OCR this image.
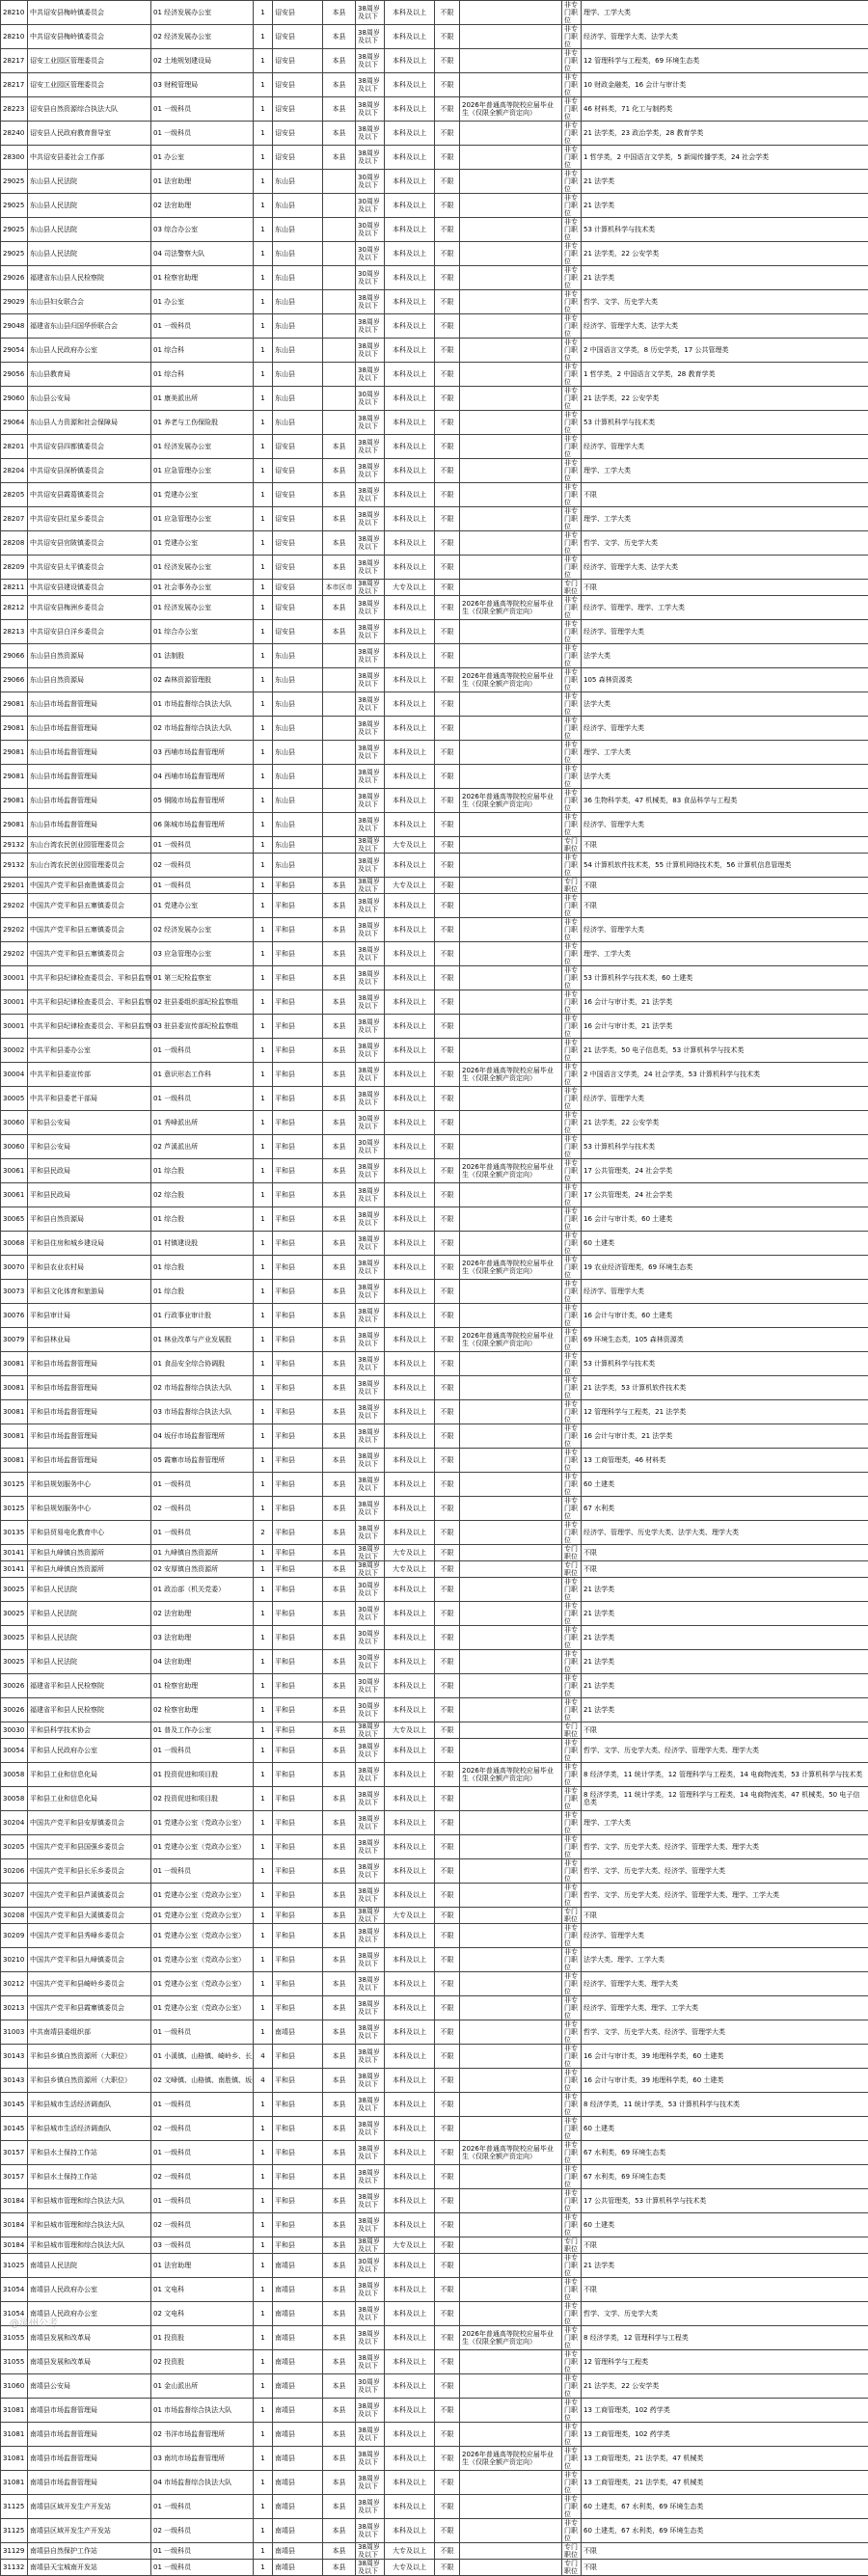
28210	中共诏安县梅岭镇委员会	01 经济发展办公室	1	诏安县	本县	38周岁及以下	本科及以上	不限		非专门职位	理学、工学大类
28210	中共诏安县梅岭镇委员会	02 经济发展办公室	1	诏安县	本县	38周岁及以下	本科及以上	不限		非专门职位	经济学、管理学大类、法学大类
28217	诏安工业园区管理委员会	02 土地规划建设局	1	诏安县	本县	38周岁及以下	本科及以上	不限		非专门职位	12 管理科学与工程类，69 环境生态类
28217	诏安工业园区管理委员会	03 财税管理局	1	诏安县	本县	38周岁及以下	本科及以上	不限		非专门职位	10 财政金融类，16 会计与审计类
28223	诏安县自然资源综合执法大队	01 一级科员	1	诏安县	本县	38周岁及以下	本科及以上	不限	2026年普通高等院校应届毕业生（仅限全额产资定向）	非专门职位	46 材料类，71 化工与制药类
28240	诏安县人民政府教育督导室	01 一级科员	1	诏安县	本县	38周岁及以下	本科及以上	不限		非专门职位	21 法学类，23 政治学类，28 教育学类
28300	中共诏安县委社会工作部	01 办公室	1	诏安县	本县	38周岁及以下	本科及以上	不限		非专门职位	1 哲学类，2 中国语言文学类，5 新闻传播学类，24 社会学类
29025	东山县人民法院	01 法官助理	1	东山县		30周岁及以下	本科及以上	不限		非专门职位	21 法学类
29025	东山县人民法院	02 法官助理	1	东山县		30周岁及以下	本科及以上	不限		非专门职位	21 法学类
29025	东山县人民法院	03 综合办公室	1	东山县		30周岁及以下	本科及以上	不限		非专门职位	53 计算机科学与技术类
29025	东山县人民法院	04 司法警察大队	1	东山县		30周岁及以下	本科及以上	不限		非专门职位	21 法学类，22 公安学类
29026	福建省东山县人民检察院	01 检察官助理	1	东山县		30周岁及以下	本科及以上	不限		非专门职位	21 法学类
29029	东山县妇女联合会	01 办公室	1	东山县		38周岁及以下	本科及以上	不限		非专门职位	哲学、文学、历史学大类
29048	福建省东山县归国华侨联合会	01 一级科员	1	东山县		38周岁及以下	本科及以上	不限		非专门职位	经济学、管理学大类、法学大类
29054	东山县人民政府办公室	01 综合科	1	东山县		38周岁及以下	本科及以上	不限		非专门职位	2 中国语言文学类，8 历史学类，17 公共管理类
29056	东山县教育局	01 综合科	1	东山县		38周岁及以下	本科及以上	不限		非专门职位	1 哲学类，2 中国语言文学类，28 教育学类
29060	东山县公安局	01 康美派出所	1	东山县		30周岁及以下	本科及以上	不限		非专门职位	21 法学类，22 公安学类
29064	东山县人力资源和社会保障局	01 养老与工伤保险股	1	东山县		38周岁及以下	本科及以上	不限		非专门职位	53 计算机科学与技术类
28201	中共诏安县四都镇委员会	01 经济发展办公室	1	诏安县	本县	38周岁及以下	本科及以上	不限		非专门职位	经济学、管理学大类
28204	中共诏安县深桥镇委员会	01 应急管理办公室	1	诏安县	本县	38周岁及以下	本科及以上	不限		非专门职位	理学、工学大类
28205	中共诏安县霞葛镇委员会	01 党建办公室	1	诏安县	本县	38周岁及以下	本科及以上	不限		非专门职位	不限
28207	中共诏安县红星乡委员会	01 应急管理办公室	1	诏安县	本县	38周岁及以下	本科及以上	不限		非专门职位	理学、工学大类
28208	中共诏安县官陂镇委员会	01 党建办公室	1	诏安县	本县	38周岁及以下	本科及以上	不限		非专门职位	哲学、文学、历史学大类
28209	中共诏安县太平镇委员会	01 经济发展办公室	1	诏安县	本县	38周岁及以下	本科及以上	不限		非专门职位	经济学、管理学大类、法学大类
28211	中共诏安县建设镇委员会	01 社会事务办公室	1	诏安县	本市区市	38周岁及以下	大专及以上	不限		专门职位	不限
28212	中共诏安县梅洲乡委员会	01 经济发展办公室	1	诏安县	本县	38周岁及以下	本科及以上	不限	2026年普通高等院校应届毕业生（仅限全额产资定向）	非专门职位	经济学、管理学、理学、工学大类
28213	中共诏安县白洋乡委员会	01 综合办公室	1	诏安县	本县	38周岁及以下	本科及以上	不限		非专门职位	经济学、管理学大类
29066	东山县自然资源局	01 法制股	1	东山县		38周岁及以下	本科及以上	不限		非专门职位	法学大类
29066	东山县自然资源局	02 森林资源管理股	1	东山县		38周岁及以下	本科及以上	不限	2026年普通高等院校应届毕业生（仅限全额产资定向）	非专门职位	105 森林资源类
29081	东山县市场监督管理局	01 市场监督综合执法大队	1	东山县		38周岁及以下	本科及以上	不限		非专门职位	法学大类
29081	东山县市场监督管理局	02 市场监督综合执法大队	1	东山县		38周岁及以下	本科及以上	不限		非专门职位	经济学、管理学大类
29081	东山县市场监督管理局	03 西埔市场监督管理所	1	东山县		38周岁及以下	本科及以上	不限		非专门职位	理学、工学大类
29081	东山县市场监督管理局	04 西埔市场监督管理所	1	东山县		38周岁及以下	本科及以上	不限		非专门职位	法学大类
29081	东山县市场监督管理局	05 铜陵市场监督管理所	1	东山县		38周岁及以下	本科及以上	不限	2026年普通高等院校应届毕业生（仅限全额产资定向）	非专门职位	36 生物科学类，47 机械类，83 食品科学与工程类
29081	东山县市场监督管理局	06 陈城市场监督管理所	1	东山县		38周岁及以下	本科及以上	不限		非专门职位	经济学、管理学大类
29132	东山台湾农民创业园管理委员会	01 一级科员	1	东山县		38周岁及以下	大专及以上	不限		专门职位	不限
29132	东山台湾农民创业园管理委员会	02 一级科员	1	东山县		38周岁及以下	本科及以上	不限		非专门职位	54 计算机软件技术类，55 计算机网络技术类，56 计算机信息管理类
29201	中国共产党平和县南胜镇委员会	01 一级科员	1	平和县	本县	38周岁及以下	大专及以上	不限		专门职位	不限
29202	中国共产党平和县五寨镇委员会	01 党建办公室	1	平和县	本县	38周岁及以下	本科及以上	不限		非专门职位	不限
29202	中国共产党平和县五寨镇委员会	02 经济发展办公室	1	平和县	本县	38周岁及以下	本科及以上	不限		非专门职位	经济学、管理学大类
29202	中国共产党平和县五寨镇委员会	03 应急管理办公室	1	平和县	本县	38周岁及以下	本科及以上	不限		非专门职位	理学、工学大类
30001	中共平和县纪律检查委员会、平和县监察	01 第三纪检监察室	1	平和县	本县	38周岁及以下	本科及以上	不限		非专门职位	53 计算机科学与技术类，60 土建类
30001	中共平和县纪律检查委员会、平和县监察	02 驻县委组织部纪检监察组	1	平和县	本县	38周岁及以下	本科及以上	不限		非专门职位	16 会计与审计类，21 法学类
30001	中共平和县纪律检查委员会、平和县监察	03 驻县委宣传部纪检监察组	1	平和县	本县	38周岁及以下	本科及以上	不限		非专门职位	16 会计与审计类，21 法学类
30002	中共平和县委办公室	01 一级科员	1	平和县	本县	38周岁及以下	本科及以上	不限		非专门职位	21 法学类，50 电子信息类，53 计算机科学与技术类
30004	中共平和县委宣传部	01 意识形态工作科	1	平和县	本县	38周岁及以下	本科及以上	不限	2026年普通高等院校应届毕业生（仅限全额产资定向）	非专门职位	2 中国语言文学类，24 社会学类，53 计算机科学与技术类
30005	中共平和县委老干部局	01 一级科员	1	平和县	本县	38周岁及以下	本科及以上	不限		非专门职位	经济学、管理学大类
30060	平和县公安局	01 秀峰派出所	1	平和县	本县	30周岁及以下	本科及以上	不限		非专门职位	21 法学类，22 公安学类
30060	平和县公安局	02 芦溪派出所	1	平和县	本县	30周岁及以下	本科及以上	不限		非专门职位	53 计算机科学与技术类
30061	平和县民政局	01 综合股	1	平和县	本县	38周岁及以下	本科及以上	不限	2026年普通高等院校应届毕业生（仅限全额产资定向）	非专门职位	17 公共管理类，24 社会学类
30061	平和县民政局	02 综合股	1	平和县	本县	38周岁及以下	本科及以上	不限		非专门职位	17 公共管理类，24 社会学类
30065	平和县自然资源局	01 综合股	1	平和县	本县	38周岁及以下	本科及以上	不限		非专门职位	16 会计与审计类，60 土建类
30068	平和县住房和城乡建设局	01 村镇建设股	1	平和县	本县	38周岁及以下	本科及以上	不限		非专门职位	60 土建类
30070	平和县农业农村局	01 综合股	1	平和县	本县	38周岁及以下	本科及以上	不限	2026年普通高等院校应届毕业生（仅限全额产资定向）	非专门职位	19 农业经济管理类，69 环境生态类
30073	平和县文化体育和旅游局	01 综合股	1	平和县	本县	38周岁及以下	本科及以上	不限		非专门职位	经济学、管理学大类
30076	平和县审计局	01 行政事业审计股	1	平和县	本县	38周岁及以下	本科及以上	不限		非专门职位	16 会计与审计类，60 土建类
30079	平和县林业局	01 林业改革与产业发展股	1	平和县	本县	38周岁及以下	本科及以上	不限	2026年普通高等院校应届毕业生（仅限全额产资定向）	非专门职位	69 环境生态类，105 森林资源类
30081	平和县市场监督管理局	01 食品安全综合协调股	1	平和县	本县	38周岁及以下	本科及以上	不限		非专门职位	53 计算机科学与技术类
30081	平和县市场监督管理局	02 市场监督综合执法大队	1	平和县	本县	38周岁及以下	本科及以上	不限		非专门职位	21 法学类，53 计算机软件技术类
30081	平和县市场监督管理局	03 市场监督综合执法大队	1	平和县	本县	38周岁及以下	本科及以上	不限		非专门职位	12 管理科学与工程类，21 法学类
30081	平和县市场监督管理局	04 坂仔市场监督管理所	1	平和县	本县	38周岁及以下	本科及以上	不限		非专门职位	16 会计与审计类，21 法学类
30081	平和县市场监督管理局	05 霞寨市场监督管理所	1	平和县	本县	38周岁及以下	本科及以上	不限		非专门职位	13 工商管理类，46 材料类
30125	平和县规划服务中心	01 一级科员	1	平和县	本县	38周岁及以下	本科及以上	不限		非专门职位	60 土建类
30125	平和县规划服务中心	02 一级科员	1	平和县	本县	38周岁及以下	本科及以上	不限		非专门职位	67 水利类
30135	平和县贸易电化教育中心	01 一级科员	2	平和县	本县	38周岁及以下	本科及以上	不限		非专门职位	经济学、管理学、历史学大类、法学大类、理学大类
30141	平和县九峰镇自然资源所	01 九峰镇自然资源所	1	平和县	本县	38周岁及以下	大专及以上	不限		专门职位	不限
30141	平和县九峰镇自然资源所	02 安厚镇自然资源所	1	平和县	本县	38周岁及以下	大专及以上	不限		专门职位	不限
30025	平和县人民法院	01 政治部（机关党委）	1	平和县	本县	30周岁及以下	本科及以上	不限		非专门职位	21 法学类
30025	平和县人民法院	02 法官助理	1	平和县	本县	30周岁及以下	本科及以上	不限		非专门职位	21 法学类
30025	平和县人民法院	03 法官助理	1	平和县	本县	30周岁及以下	本科及以上	不限		非专门职位	21 法学类
30025	平和县人民法院	04 法官助理	1	平和县	本县	30周岁及以下	本科及以上	不限		非专门职位	21 法学类
30026	福建省平和县人民检察院	01 检察官助理	1	平和县	本县	30周岁及以下	本科及以上	不限		非专门职位	21 法学类
30026	福建省平和县人民检察院	02 检察官助理	1	平和县	本县	30周岁及以下	本科及以上	不限		非专门职位	21 法学类
30030	平和县科学技术协会	01 普及工作办公室	1	平和县	本县	38周岁及以下	大专及以上	不限		专门职位	不限
30054	平和县人民政府办公室	01 一级科员	1	平和县	本县	38周岁及以下	本科及以上	不限		非专门职位	哲学、文学、历史学大类、经济学、管理学大类、理学大类
30058	平和县工业和信息化局	01 投资促进和项目股	1	平和县	本县	38周岁及以下	本科及以上	不限	2026年普通高等院校应届毕业生（仅限全额产资定向）	非专门职位	8 经济学类，11 统计学类，12 管理科学与工程类，14 电商物流类，53 计算机科学与技术类
30058	平和县工业和信息化局	02 投资促进和项目股	1	平和县	本县	38周岁及以下	本科及以上	不限		非专门职位	8 经济学类，11 统计学类，12 管理科学与工程类，14 电商物流类，47 机械类，50 电子信息类
30204	中国共产党平和县安厚镇委员会	01 党建办公室（党政办公室）	1	平和县	本县	38周岁及以下	本科及以上	不限		非专门职位	理学、工学大类
30205	中国共产党平和县国强乡委员会	01 党建办公室（党政办公室）	1	平和县	本县	38周岁及以下	本科及以上	不限		非专门职位	哲学、文学、历史学大类、经济学、管理学大类、理学大类
30206	中国共产党平和县长乐乡委员会	01 一级科员	1	平和县	本县	38周岁及以下	本科及以上	不限		非专门职位	哲学、文学、历史学大类、经济学、管理学大类
30207	中国共产党平和县芦溪镇委员会	01 党建办公室（党政办公室）	1	平和县	本县	38周岁及以下	本科及以上	不限		非专门职位	哲学、文学、历史学大类、经济学、管理学大类、理学、工学大类
30208	中国共产党平和县大溪镇委员会	01 党建办公室（党政办公室）	1	平和县	本县	38周岁及以下	大专及以上	不限		专门职位	不限
30209	中国共产党平和县秀峰乡委员会	01 党建办公室（党政办公室）	1	平和县	本县	38周岁及以下	本科及以上	不限		非专门职位	经济学、管理学大类
30210	中国共产党平和县九峰镇委员会	01 党建办公室（党政办公室）	1	平和县	本县	38周岁及以下	本科及以上	不限		非专门职位	法学大类、理学、工学大类
30212	中国共产党平和县崎岭乡委员会	01 党建办公室（党政办公室）	1	平和县	本县	38周岁及以下	本科及以上	不限		非专门职位	经济学、管理学大类、理学大类
30213	中国共产党平和县霞寨镇委员会	01 党建办公室（党政办公室）	1	平和县	本县	38周岁及以下	本科及以上	不限		非专门职位	经济学、管理学大类、理学、工学大类
31003	中共南靖县委组织部	01 一级科员	1	南靖县	本县	38周岁及以下	本科及以上	不限		非专门职位	哲学、文学、历史学大类、经济学、管理学大类
30143	平和县乡镇自然资源所（大职位）	01 小溪镇、山格镇、崎岭乡、长	4	平和县	本县	38周岁及以下	本科及以上	不限		非专门职位	16 会计与审计类，39 地理科学类，60 土建类
30143	平和县乡镇自然资源所（大职位）	02 文峰镇、山格镇、南胜镇、坂	4	平和县	本县	38周岁及以下	本科及以上	不限		非专门职位	16 会计与审计类，39 地理科学类，60 土建类
30145	平和县城市生活经济调查队	01 一级科员	1	平和县	本县	38周岁及以下	本科及以上	不限		非专门职位	8 经济学类，11 统计学类，53 计算机科学与技术类
30145	平和县城市生活经济调查队	02 一级科员	1	平和县	本县	38周岁及以下	本科及以上	不限		非专门职位	60 土建类
30157	平和县水土保持工作站	01 一级科员	1	平和县	本县	38周岁及以下	本科及以上	不限	2026年普通高等院校应届毕业生（仅限全额产资定向）	非专门职位	67 水利类，69 环境生态类
30157	平和县水土保持工作站	02 一级科员	1	平和县	本县	38周岁及以下	本科及以上	不限		非专门职位	67 水利类，69 环境生态类
30184	平和县城市管理和综合执法大队	01 一级科员	1	平和县	本县	38周岁及以下	本科及以上	不限		非专门职位	17 公共管理类，53 计算机科学与技术类
30184	平和县城市管理和综合执法大队	02 一级科员	1	平和县	本县	38周岁及以下	本科及以上	不限		非专门职位	60 土建类
30184	平和县城市管理和综合执法大队	03 一级科员	1	平和县	本县	38周岁及以下	大专及以上	不限		专门职位	不限
31025	南靖县人民法院	01 法官助理	1	南靖县	本县	30周岁及以下	本科及以上	不限		非专门职位	21 法学类
31054	南靖县人民政府办公室	01 文电科	1	南靖县	本县	38周岁及以下	本科及以上	不限		非专门职位	不限
31054	南靖县人民政府办公室	02 文电科	1	南靖县	本县	38周岁及以下	本科及以上	不限		非专门职位	哲学、文学、历史学大类
31055	南靖县发展和改革局	01 投资股	1	南靖县	本县	38周岁及以下	本科及以上	不限	2026年普通高等院校应届毕业生（仅限全额产资定向）	非专门职位	8 经济学类，12 管理科学与工程类
31055	南靖县发展和改革局	02 投资股	1	南靖县	本县	38周岁及以下	本科及以上	不限		非专门职位	12 管理科学与工程类
31060	南靖县公安局	01 金山派出所	1	南靖县	本县	30周岁及以下	本科及以上	不限		非专门职位	21 法学类，22 公安学类
31081	南靖县市场监督管理局	01 市场监督综合执法大队	1	南靖县	本县	38周岁及以下	本科及以上	不限		非专门职位	13 工商管理类，102 药学类
31081	南靖县市场监督管理局	02 书洋市场监督管理所	1	南靖县	本县	38周岁及以下	本科及以上	不限		非专门职位	13 工商管理类，102 药学类
31081	南靖县市场监督管理局	03 南坑市场监督管理所	1	南靖县	本县	38周岁及以下	本科及以上	不限	2026年普通高等院校应届毕业生（仅限全额产资定向）	非专门职位	13 工商管理类，21 法学类，47 机械类
31081	南靖县市场监督管理局	04 市场监督综合执法大队	1	南靖县	本县	38周岁及以下	本科及以上	不限		非专门职位	13 工商管理类，21 法学类，47 机械类
31125	南靖县区域开发生产开发站	01 一级科员	1	南靖县	本县	38周岁及以下	本科及以上	不限		非专门职位	60 土建类，67 水利类，69 环境生态类
31125	南靖县区域开发生产开发站	02 一级科员	1	南靖县	本县	38周岁及以下	本科及以上	不限		非专门职位	60 土建类，67 水利类，69 环境生态类
31129	南靖县自然保护工作站	01 一级科员	1	南靖县	本县	38周岁及以下	大专及以上	不限		专门职位	不限
31132	南靖县天宝城南开发站	01 一级科员	1	南靖县	本县	38周岁及以下	大专及以上	不限		专门职位	不限
@漳州公考
